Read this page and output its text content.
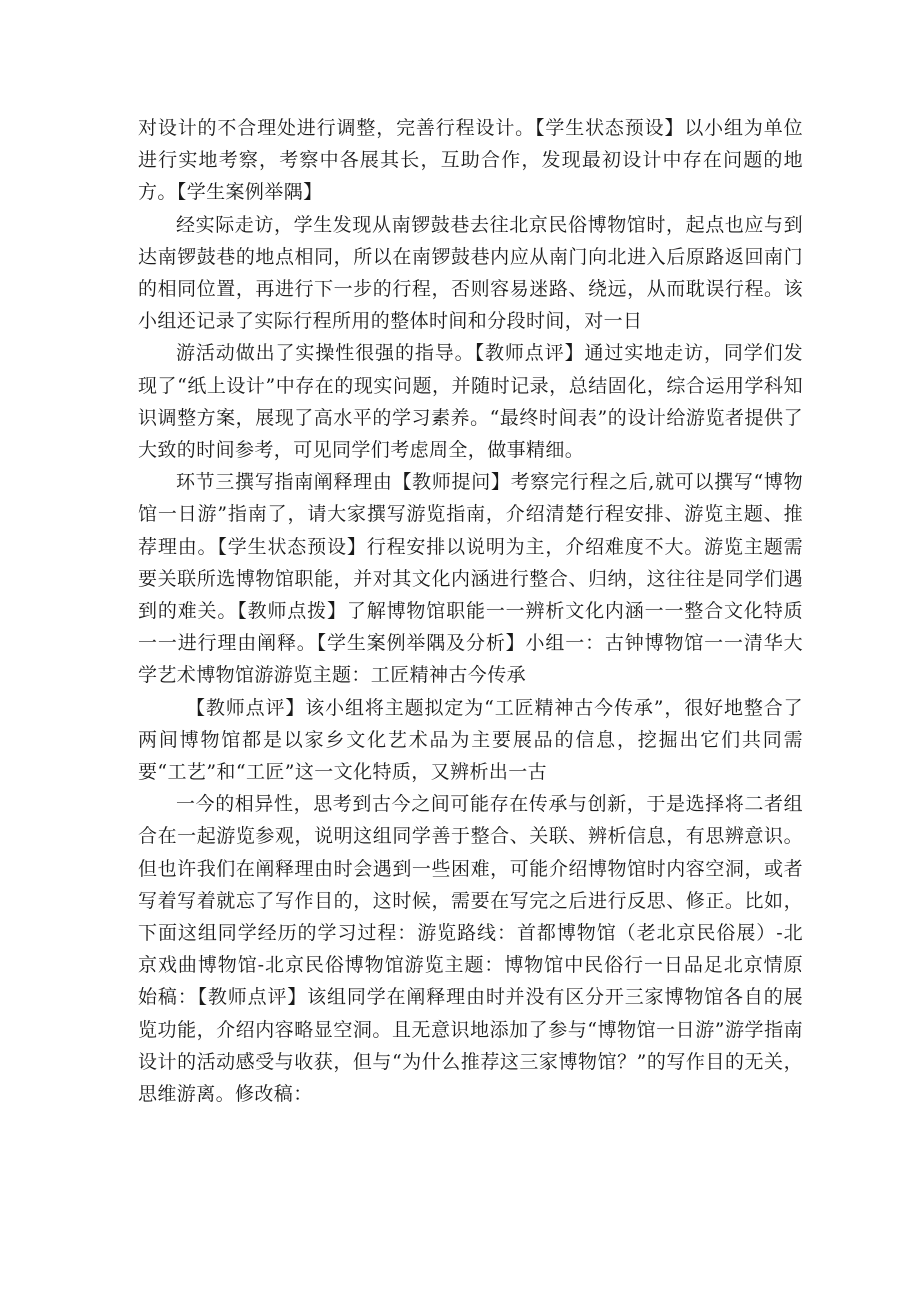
对设计的不合理处进行调整，完善行程设计。【学生状态预设】以小组为单位进行实地考察，考察中各展其长，互助合作，发现最初设计中存在问题的地方。【学生案例举隅】

经实际走访，学生发现从南锣鼓巷去往北京民俗博物馆时，起点也应与到达南锣鼓巷的地点相同，所以在南锣鼓巷内应从南门向北进入后原路返回南门的相同位置，再进行下一步的行程，否则容易迷路、绕远，从而耽误行程。该小组还记录了实际行程所用的整体时间和分段时间，对一日

游活动做出了实操性很强的指导。【教师点评】通过实地走访，同学们发现了“纸上设计”中存在的现实问题，并随时记录，总结固化，综合运用学科知识调整方案，展现了高水平的学习素养。“最终时间表”的设计给游览者提供了大致的时间参考，可见同学们考虑周全，做事精细。

环节三撰写指南阐释理由【教师提问】考察完行程之后,就可以撰写“博物馆一日游”指南了，请大家撰写游览指南，介绍清楚行程安排、游览主题、推荐理由。【学生状态预设】行程安排以说明为主，介绍难度不大。游览主题需要关联所选博物馆职能，并对其文化内涵进行整合、归纳，这往往是同学们遇到的难关。【教师点拨】了解博物馆职能一一辨析文化内涵一一整合文化特质一一进行理由阐释。【学生案例举隅及分析】小组一：古钟博物馆一一清华大学艺术博物馆游游览主题：工匠精神古今传承

【教师点评】该小组将主题拟定为“工匠精神古今传承”，很好地整合了两间博物馆都是以家乡文化艺术品为主要展品的信息，挖掘出它们共同需要“工艺”和“工匠”这一文化特质，又辨析出一古

一今的相异性，思考到古今之间可能存在传承与创新，于是选择将二者组合在一起游览参观，说明这组同学善于整合、关联、辨析信息，有思辨意识。但也许我们在阐释理由时会遇到一些困难，可能介绍博物馆时内容空洞，或者写着写着就忘了写作目的，这时候，需要在写完之后进行反思、修正。比如，下面这组同学经历的学习过程：游览路线：首都博物馆（老北京民俗展）-北京戏曲博物馆-北京民俗博物馆游览主题：博物馆中民俗行一日品足北京情原始稿：【教师点评】该组同学在阐释理由时并没有区分开三家博物馆各自的展览功能，介绍内容略显空洞。且无意识地添加了参与“博物馆一日游”游学指南设计的活动感受与收获，但与“为什么推荐这三家博物馆？”的写作目的无关，思维游离。修改稿：
